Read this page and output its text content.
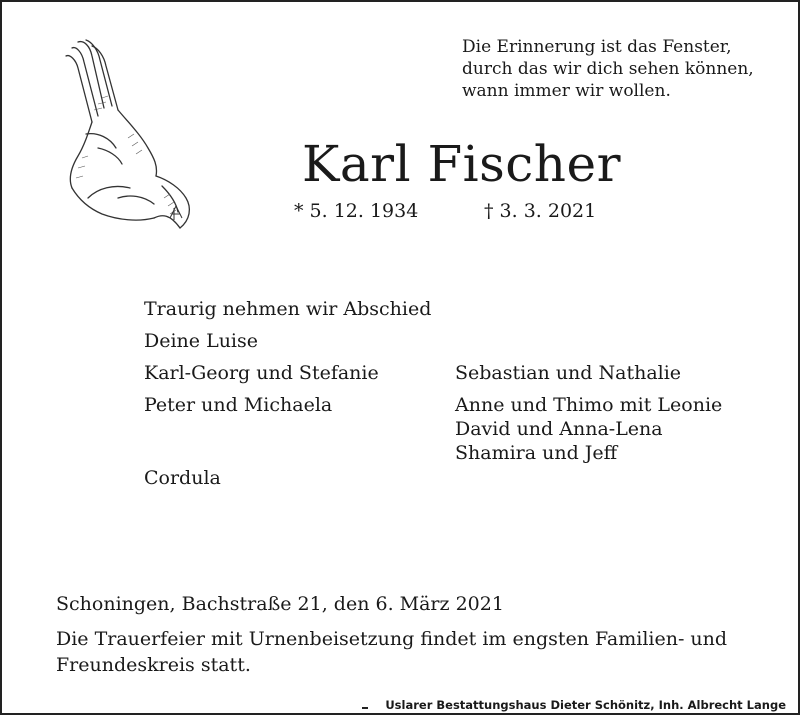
Die Erinnerung ist das Fenster,
durch das wir dich sehen können,
wann immer wir wollen.
Karl Fischer
* 5. 12. 1934	† 3. 3. 2021
Traurig nehmen wir Abschied
Deine Luise
Karl-Georg und Stefanie
Peter und Michaela
Cordula
Sebastian und Nathalie
Anne und Thimo mit Leonie
David und Anna-Lena
Shamira und Jeff
Schoningen, Bachstraße 21, den 6. März 2021
Die Trauerfeier mit Urnenbeisetzung findet im engsten Familien- und Freundeskreis statt.
Uslarer Bestattungshaus Dieter Schönitz, Inh. Albrecht Lange
